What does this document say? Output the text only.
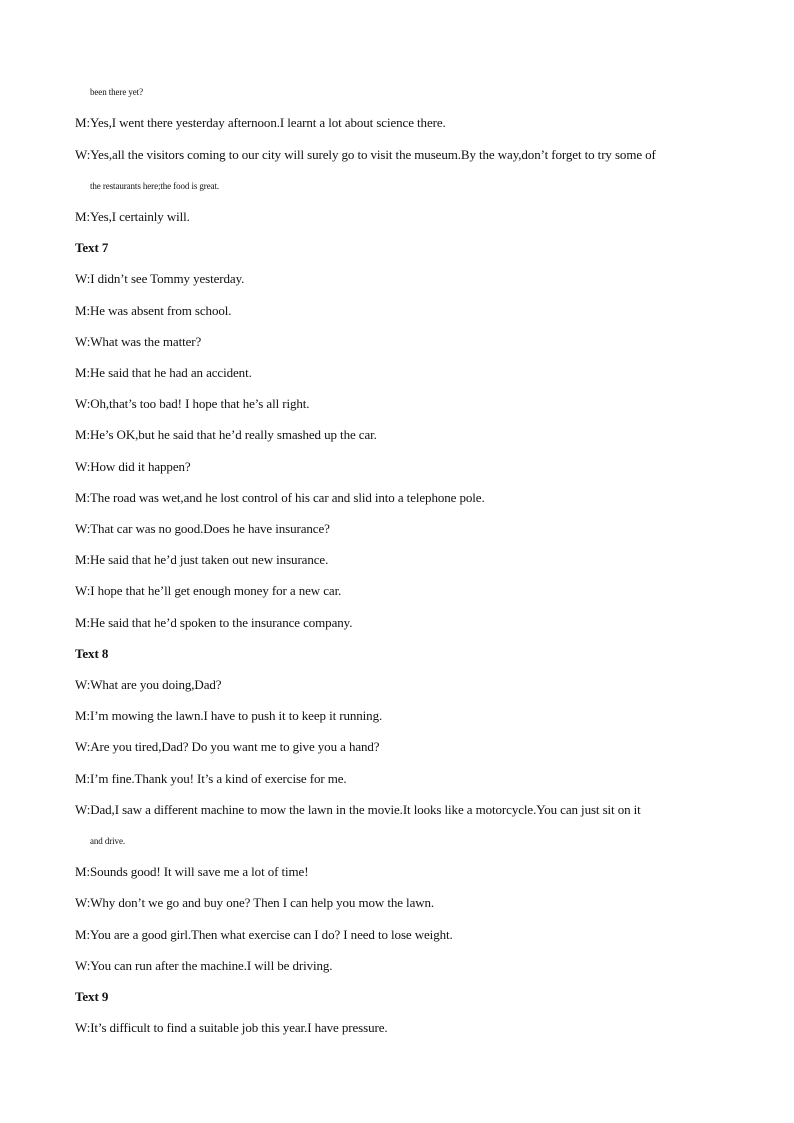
been there yet?
M:Yes,I went there yesterday afternoon.I learnt a lot about science there.
W:Yes,all the visitors coming to our city will surely go to visit the museum.By the way,don’t forget to try some of
the restaurants here;the food is great.
M:Yes,I certainly will.
Text 7
W:I didn’t see Tommy yesterday.
M:He was absent from school.
W:What was the matter?
M:He said that he had an accident.
W:Oh,that’s too bad! I hope that he’s all right.
M:He’s OK,but he said that he’d really smashed up the car.
W:How did it happen?
M:The road was wet,and he lost control of his car and slid into a telephone pole.
W:That car was no good.Does he have insurance?
M:He said that he’d just taken out new insurance.
W:I hope that he’ll get enough money for a new car.
M:He said that he’d spoken to the insurance company.
Text 8
W:What are you doing,Dad?
M:I’m mowing the lawn.I have to push it to keep it running.
W:Are you tired,Dad? Do you want me to give you a hand?
M:I’m fine.Thank you! It’s a kind of exercise for me.
W:Dad,I saw a different machine to mow the lawn in the movie.It looks like a motorcycle.You can just sit on it
and drive.
M:Sounds good! It will save me a lot of time!
W:Why don’t we go and buy one? Then I can help you mow the lawn.
M:You are a good girl.Then what exercise can I do? I need to lose weight.
W:You can run after the machine.I will be driving.
Text 9
W:It’s difficult to find a suitable job this year.I have pressure.
